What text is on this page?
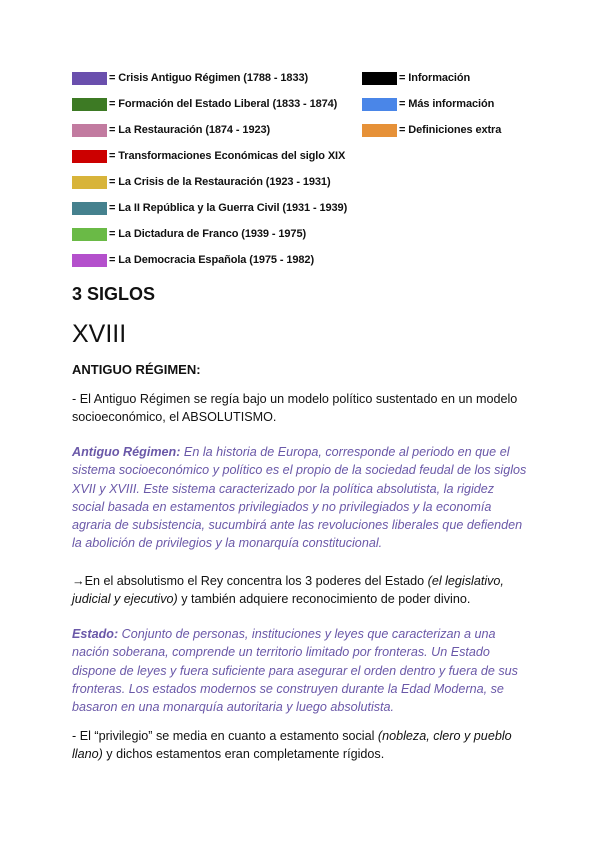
= Crisis Antiguo Régimen (1788 - 1833)	= Información
= Formación del Estado Liberal (1833 - 1874)	= Más información
= La Restauración (1874 - 1923)	= Definiciones extra
= Transformaciones Económicas del siglo XIX
= La Crisis de la Restauración (1923 - 1931)
= La II República y la Guerra Civil (1931 - 1939)
= La Dictadura de Franco (1939 - 1975)
= La Democracia Española (1975 - 1982)
3 SIGLOS
XVIII
ANTIGUO RÉGIMEN:

- El Antiguo Régimen se regía bajo un modelo político sustentado en un modelo socioeconómico, el ABSOLUTISMO.

Antiguo Régimen: En la historia de Europa, corresponde al periodo en que el sistema socioeconómico y político es el propio de la sociedad feudal de los siglos XVII y XVIII. Este sistema caracterizado por la política absolutista, la rigidez social basada en estamentos privilegiados y no privilegiados y la economía agraria de subsistencia, sucumbirá ante las revoluciones liberales que defienden la abolición de privilegios y la monarquía constitucional.

→En el absolutismo el Rey concentra los 3 poderes del Estado (el legislativo, judicial y ejecutivo) y también adquiere reconocimiento de poder divino.

Estado: Conjunto de personas, instituciones y leyes que caracterizan a una nación soberana, comprende un territorio limitado por fronteras. Un Estado dispone de leyes y fuera suficiente para asegurar el orden dentro y fuera de sus fronteras. Los estados modernos se construyen durante la Edad Moderna, se basaron en una monarquía autoritaria y luego absolutista.

- El “privilegio” se media en cuanto a estamento social (nobleza, clero y pueblo llano) y dichos estamentos eran completamente rígidos.
